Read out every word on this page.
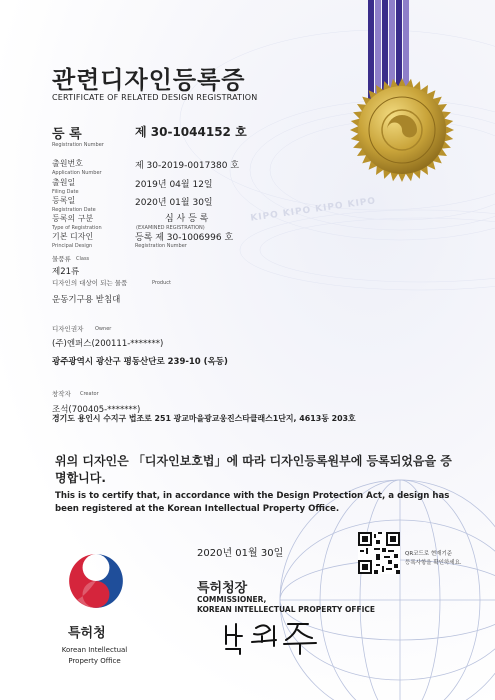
KIPO KIPO KIPO KIPO
관련디자인등록증
CERTIFICATE OF RELATED DESIGN REGISTRATION
등 록
Registration Number
제 30-1044152 호
출원번호
Application Number
제 30-2019-0017380 호
출원일
Filing Date
2019년 04월 12일
등록일
Registration Date
2020년 01월 30일
등록의 구분
Type of Registration
심 사 등 록
(EXAMINED REGISTRATION)
기본 디자인
Principal Design
등록 제 30-1006996 호
Registration Number
물품류 Class
제21류
디자인의 대상이 되는 물품	Product
운동기구용 받침대
디자인권자 Owner
(주)엔퍼스(200111-*******)
광주광역시 광산구 평동산단로 239-10 (옥동)
창작자 Creator
조석(700405-*******)
경기도 용인시 수지구 법조로 251 광교마을광교웅진스타클래스1단지, 4613동 203호
위의 디자인은 「디자인보호법」에 따라 디자인등록원부에 등록되었음을 증명합니다.
This is to certify that, in accordance with the Design Protection Act, a design has been registered at the Korean Intellectual Property Office.
2020년 01월 30일	QR코드로 현재기준
등록사항을 확인하세요.
특허청장
COMMISSIONER,
KOREAN INTELLECTUAL PROPERTY OFFICE
특허청
Korean Intellectual
Property Office
